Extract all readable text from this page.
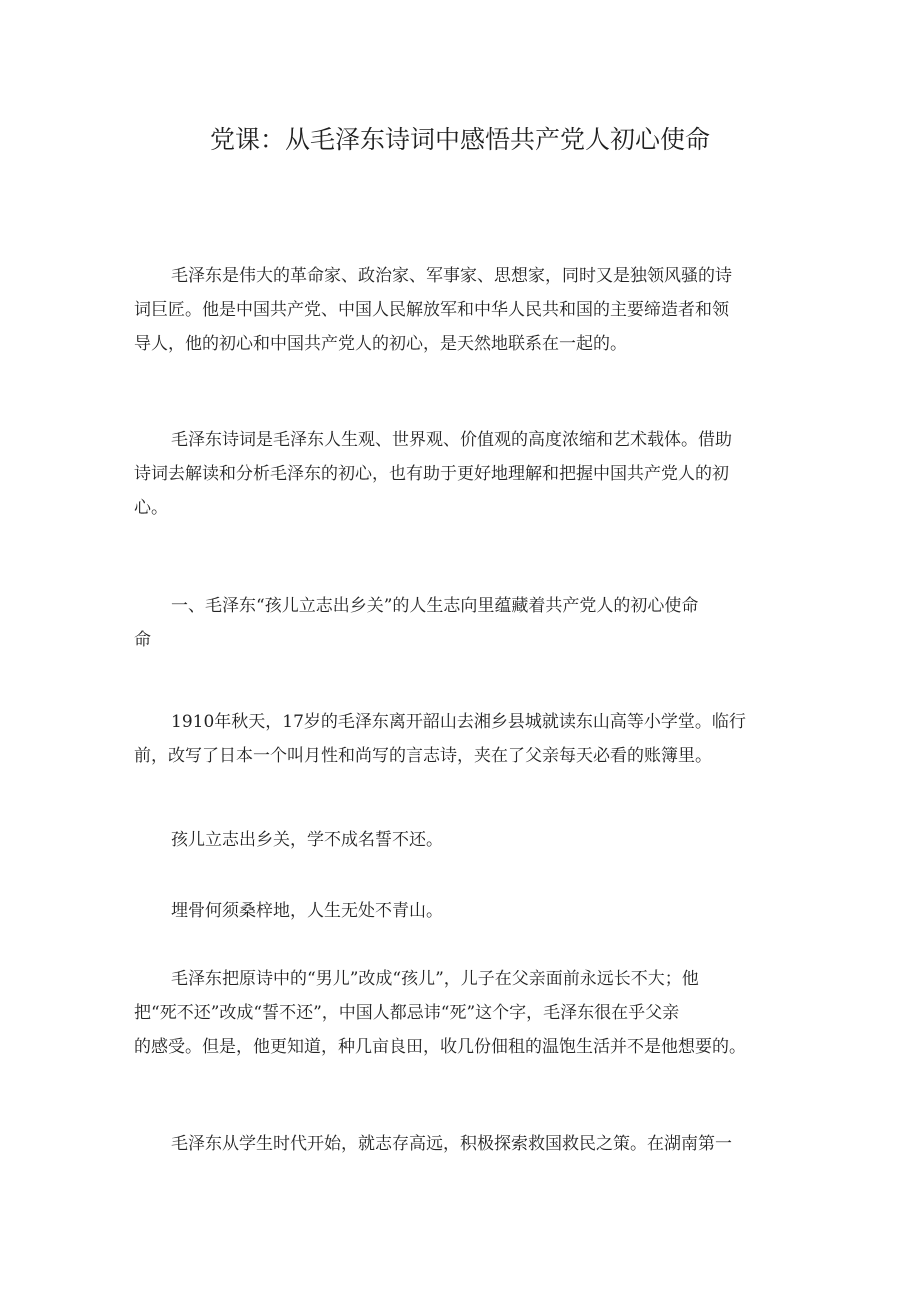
党课：从毛泽东诗词中感悟共产党人初心使命
毛泽东是伟大的革命家、政治家、军事家、思想家，同时又是独领风骚的诗
词巨匠。他是中国共产党、中国人民解放军和中华人民共和国的主要缔造者和领
导人，他的初心和中国共产党人的初心，是天然地联系在一起的。
毛泽东诗词是毛泽东人生观、世界观、价值观的高度浓缩和艺术载体。借助
诗词去解读和分析毛泽东的初心，也有助于更好地理解和把握中国共产党人的初
心。
一、毛泽东“孩儿立志出乡关”的人生志向里蕴藏着共产党人的初心使命
命
1910年秋天，17岁的毛泽东离开韶山去湘乡县城就读东山高等小学堂。临行
前，改写了日本一个叫月性和尚写的言志诗，夹在了父亲每天必看的账簿里。
孩儿立志出乡关，学不成名誓不还。
埋骨何须桑梓地，人生无处不青山。
毛泽东把原诗中的“男儿”改成“孩儿”，儿子在父亲面前永远长不大；他
把“死不还”改成“誓不还”，中国人都忌讳“死”这个字，毛泽东很在乎父亲
的感受。但是，他更知道，种几亩良田，收几份佃租的温饱生活并不是他想要的。
毛泽东从学生时代开始，就志存高远，积极探索救国救民之策。在湖南第一
